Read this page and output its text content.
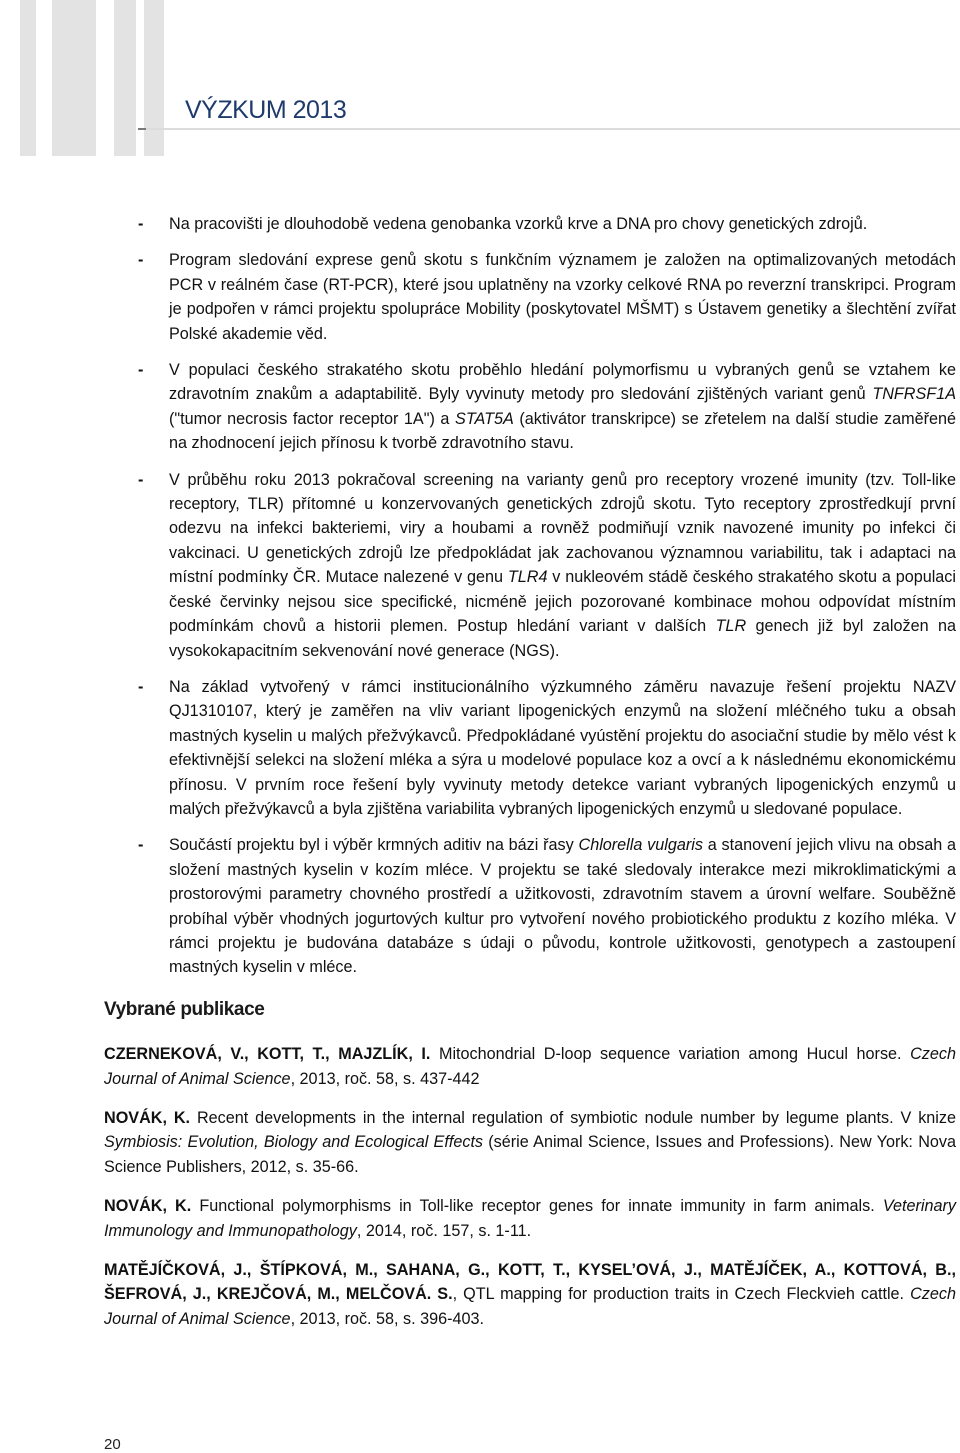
VÝZKUM 2013
- Na pracovišti je dlouhodobě vedena genobanka vzorků krve a DNA pro chovy genetických zdrojů.
- Program sledování exprese genů skotu s funkčním významem je založen na optimalizovaných metodách PCR v reálném čase (RT-PCR), které jsou uplatněny na vzorky celkové RNA po reverzní transkripci. Program je podpořen v rámci projektu spolupráce Mobility (poskytovatel MŠMT) s Ústavem genetiky a šlechtění zvířat Polské akademie věd.
- V populaci českého strakatého skotu proběhlo hledání polymorfismu u vybraných genů se vztahem ke zdravotním znakům a adaptabilitě. Byly vyvinuty metody pro sledování zjištěných variant genů TNFRSF1A ("tumor necrosis factor receptor 1A") a STAT5A (aktivátor transkripce) se zřetelem na další studie zaměřené na zhodnocení jejich přínosu k tvorbě zdravotního stavu.
- V průběhu roku 2013 pokračoval screening na varianty genů pro receptory vrozené imunity (tzv. Toll-like receptory, TLR) přítomné u konzervovaných genetických zdrojů skotu. Tyto receptory zprostředkují první odezvu na infekci bakteriemi, viry a houbami a rovněž podmiňují vznik navozené imunity po infekci či vakcinaci. U genetických zdrojů lze předpokládat jak zachovanou významnou variabilitu, tak i adaptaci na místní podmínky ČR. Mutace nalezené v genu TLR4 v nukleovém stádě českého strakatého skotu a populaci české červinky nejsou sice specifické, nicméně jejich pozorované kombinace mohou odpovídat místním podmínkám chovů a historii plemen. Postup hledání variant v dalších TLR genech již byl založen na vysokokapacitním sekvenování nové generace (NGS).
- Na základ vytvořený v rámci institucionálního výzkumného záměru navazuje řešení projektu NAZV QJ1310107, který je zaměřen na vliv variant lipogenických enzymů na složení mléčného tuku a obsah mastných kyselin u malých přežvýkavců. Předpokládané vyústění projektu do asociační studie by mělo vést k efektivnější selekci na složení mléka a sýra u modelové populace koz a ovcí a k následnému ekonomickému přínosu. V prvním roce řešení byly vyvinuty metody detekce variant vybraných lipogenických enzymů u malých přežvýkavců a byla zjištěna variabilita vybraných lipogenických enzymů u sledované populace.
- Součástí projektu byl i výběr krmných aditiv na bázi řasy Chlorella vulgaris a stanovení jejich vlivu na obsah a složení mastných kyselin v kozím mléce. V projektu se také sledovaly interakce mezi mikroklimatickými a prostorovými parametry chovného prostředí a užitkovosti, zdravotním stavem a úrovní welfare. Souběžně probíhal výběr vhodných jogurtových kultur pro vytvoření nového probiotického produktu z kozího mléka. V rámci projektu je budována databáze s údaji o původu, kontrole užitkovosti, genotypech a zastoupení mastných kyselin v mléce.
Vybrané publikace
CZERNEKOVÁ, V., KOTT, T., MAJZLÍK, I. Mitochondrial D-loop sequence variation among Hucul horse. Czech Journal of Animal Science, 2013, roč. 58, s. 437-442
NOVÁK, K. Recent developments in the internal regulation of symbiotic nodule number by legume plants. V knize Symbiosis: Evolution, Biology and Ecological Effects (série Animal Science, Issues and Professions). New York: Nova Science Publishers, 2012, s. 35-66.
NOVÁK, K. Functional polymorphisms in Toll-like receptor genes for innate immunity in farm animals. Veterinary Immunology and Immunopathology, 2014, roč. 157, s. 1-11.
MATĚJÍČKOVÁ, J., ŠTÍPKOVÁ, M., SAHANA, G., KOTT, T., KYSEL’OVÁ, J., MATĚJÍČEK, A., KOTTOVÁ, B., ŠEFROVÁ, J., KREJČOVÁ, M., MELČOVÁ. S., QTL mapping for production traits in Czech Fleckvieh cattle. Czech Journal of Animal Science, 2013, roč. 58, s. 396-403.
20
